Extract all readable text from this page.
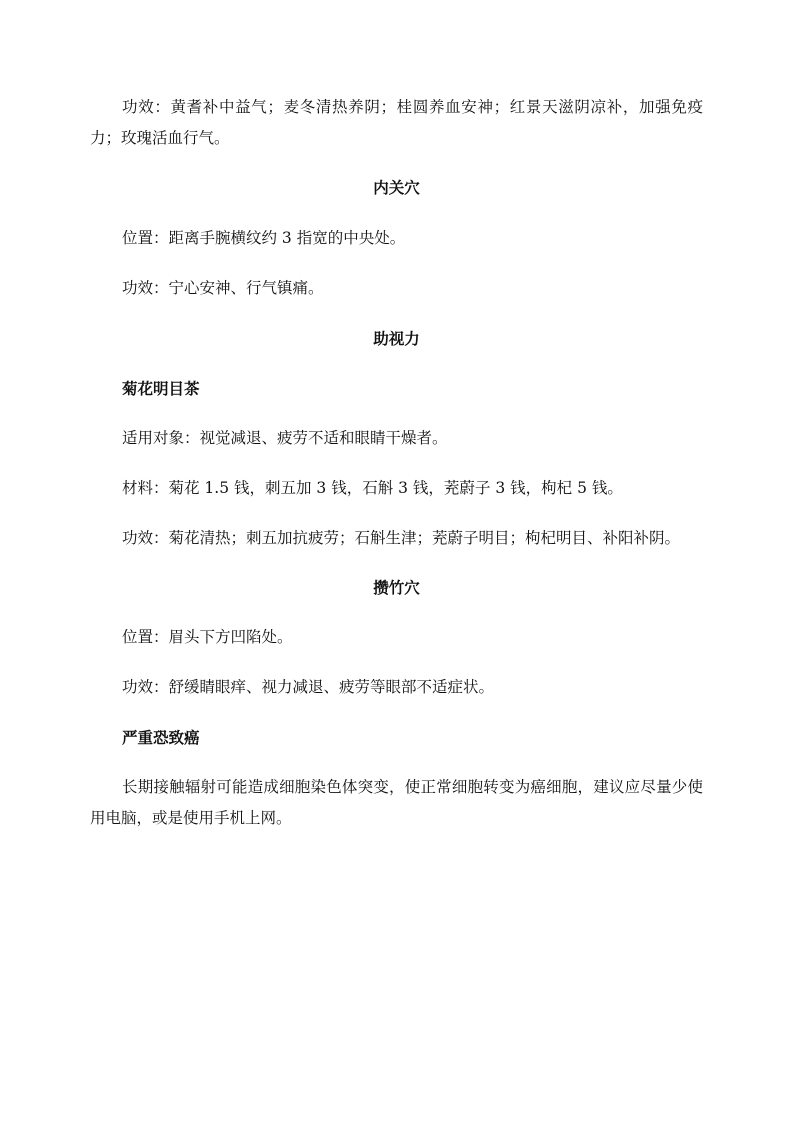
功效：黄耆补中益气；麦冬清热养阴；桂圆养血安神；红景天滋阴凉补，加强免疫力；玫瑰活血行气。
内关穴
位置：距离手腕横纹约 3 指宽的中央处。
功效：宁心安神、行气镇痛。
助视力
菊花明目茶
适用对象：视觉减退、疲劳不适和眼睛干燥者。
材料：菊花 1.5 钱，刺五加 3 钱，石斛 3 钱，茺蔚子 3 钱，枸杞 5 钱。
功效：菊花清热；刺五加抗疲劳；石斛生津；茺蔚子明目；枸杞明目、补阳补阴。
攒竹穴
位置：眉头下方凹陷处。
功效：舒缓睛眼痒、视力减退、疲劳等眼部不适症状。
严重恐致癌
长期接触辐射可能造成细胞染色体突变，使正常细胞转变为癌细胞，建议应尽量少使用电脑，或是使用手机上网。
